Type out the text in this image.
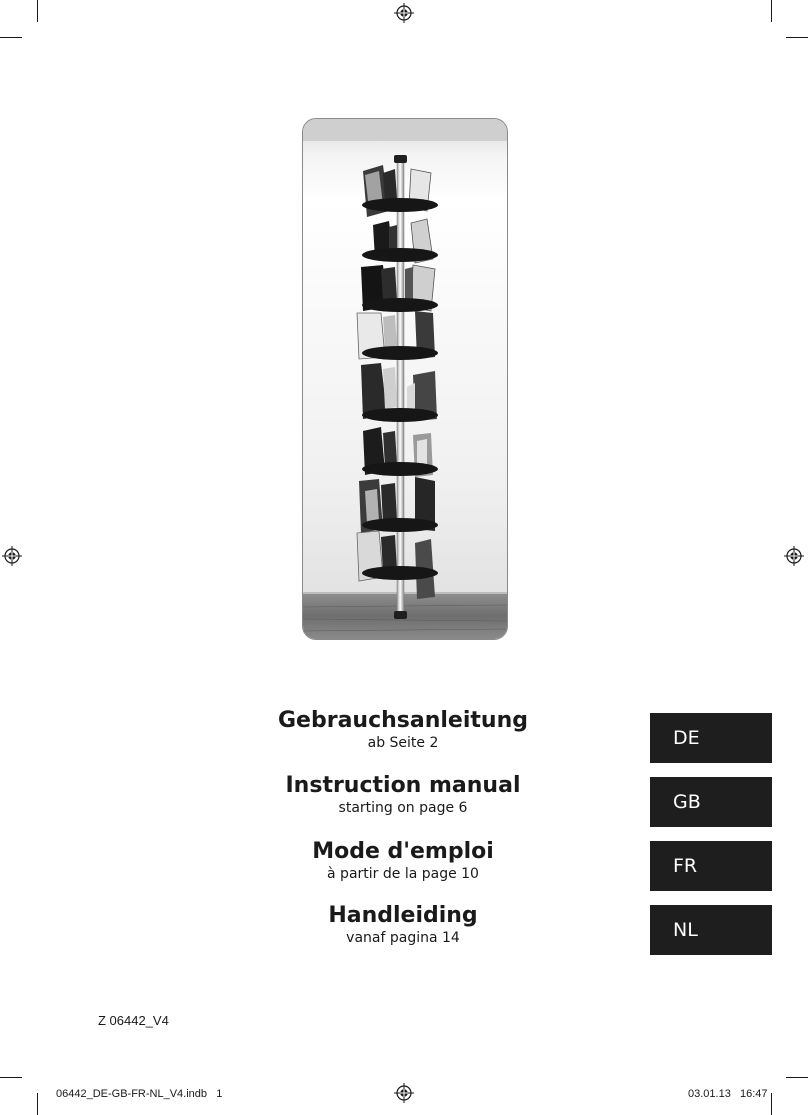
Gebrauchsanleitung
ab Seite 2
Instruction manual
starting on page 6
Mode d'emploi
à partir de la page 10
Handleiding
vanaf pagina 14
DE
GB
FR
NL
Z 06442_V4
06442_DE-GB-FR-NL_V4.indb   1	03.01.13   16:47
